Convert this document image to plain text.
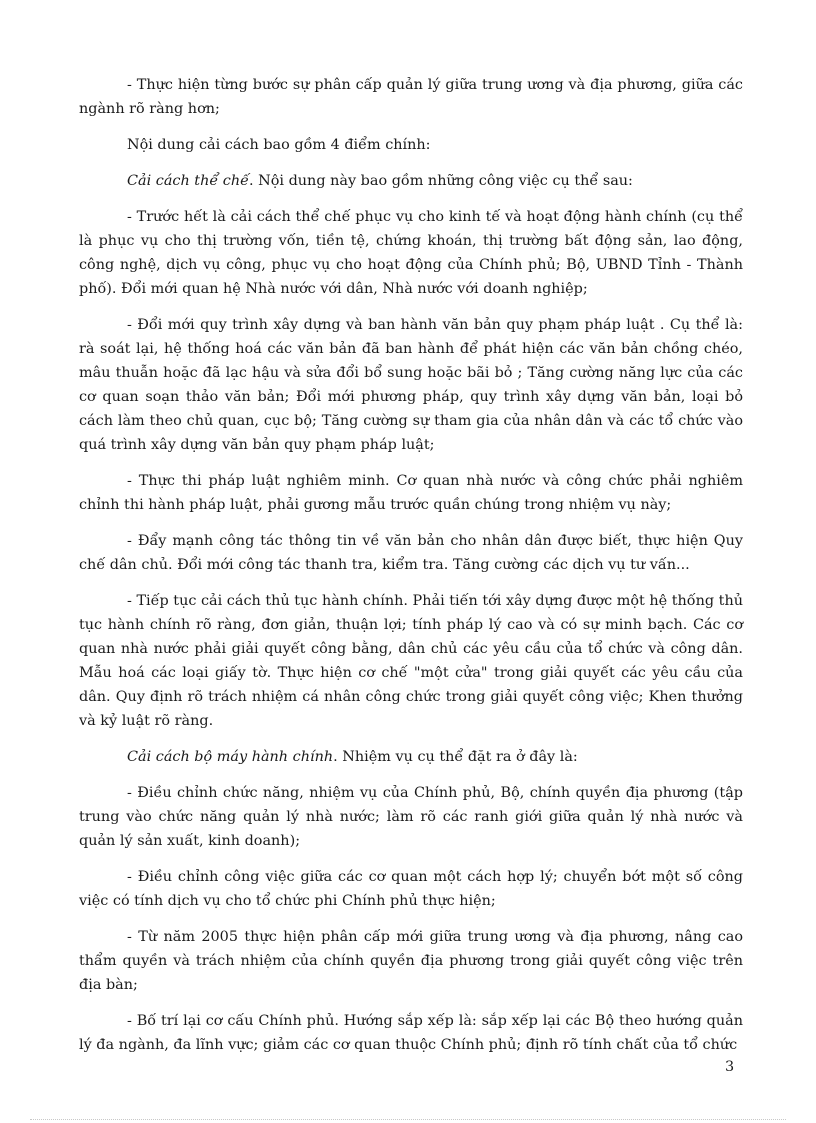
- Thực hiện từng bước sự phân cấp quản lý giữa trung ương và địa phương, giữa các ngành rõ ràng hơn;

Nội dung cải cách bao gồm 4 điểm chính:

Cải cách thể chế. Nội dung này bao gồm những công việc cụ thể sau:

- Trước hết là cải cách thể chế phục vụ cho kinh tế và hoạt động hành chính (cụ thể là phục vụ cho thị trường vốn, tiền tệ, chứng khoán, thị trường bất động sản, lao động, công nghệ, dịch vụ công, phục vụ cho hoạt động của Chính phủ; Bộ, UBND Tỉnh - Thành phố). Đổi mới quan hệ Nhà nước với dân, Nhà nước với doanh nghiệp;

- Đổi mới quy trình xây dựng và ban hành văn bản quy phạm pháp luật . Cụ thể là: rà soát lại, hệ thống hoá các văn bản đã ban hành để phát hiện các văn bản chồng chéo, mâu thuẫn hoặc đã lạc hậu và sửa đổi bổ sung hoặc bãi bỏ ; Tăng cường năng lực của các cơ quan soạn thảo văn bản; Đổi mới phương pháp, quy trình xây dựng văn bản, loại bỏ cách làm theo chủ quan, cục bộ; Tăng cường sự tham gia của nhân dân và các tổ chức vào quá trình xây dựng văn bản quy phạm pháp luật;

- Thực thi pháp luật nghiêm minh. Cơ quan nhà nước và công chức phải nghiêm chỉnh thi hành pháp luật, phải gương mẫu trước quần chúng trong nhiệm vụ này;

- Đẩy mạnh công tác thông tin về văn bản cho nhân dân được biết, thực hiện Quy chế dân chủ. Đổi mới công tác thanh tra, kiểm tra. Tăng cường các dịch vụ tư vấn...

- Tiếp tục cải cách thủ tục hành chính. Phải tiến tới xây dựng được một hệ thống thủ tục hành chính rõ ràng, đơn giản, thuận lợi; tính pháp lý cao và có sự minh bạch. Các cơ quan nhà nước phải giải quyết công bằng, dân chủ các yêu cầu của tổ chức và công dân. Mẫu hoá các loại giấy tờ. Thực hiện cơ chế "một cửa" trong giải quyết các yêu cầu của dân. Quy định rõ trách nhiệm cá nhân công chức trong giải quyết công việc; Khen thưởng và kỷ luật rõ ràng.

Cải cách bộ máy hành chính. Nhiệm vụ cụ thể đặt ra ở đây là:

- Điều chỉnh chức năng, nhiệm vụ của Chính phủ, Bộ, chính quyền địa phương (tập trung vào chức năng quản lý nhà nước; làm rõ các ranh giới giữa quản lý nhà nước và quản lý sản xuất, kinh doanh);

- Điều chỉnh công việc giữa các cơ quan một cách hợp lý; chuyển bớt một số công việc có tính dịch vụ cho tổ chức phi Chính phủ thực hiện;

- Từ năm 2005 thực hiện phân cấp mới giữa trung ương và địa phương, nâng cao thẩm quyền và trách nhiệm của chính quyền địa phương trong giải quyết công việc trên địa bàn;

- Bố trí lại cơ cấu Chính phủ. Hướng sắp xếp là: sắp xếp lại các Bộ theo hướng quản lý đa ngành, đa lĩnh vực; giảm các cơ quan thuộc Chính phủ; định rõ tính chất của tổ chức

3
